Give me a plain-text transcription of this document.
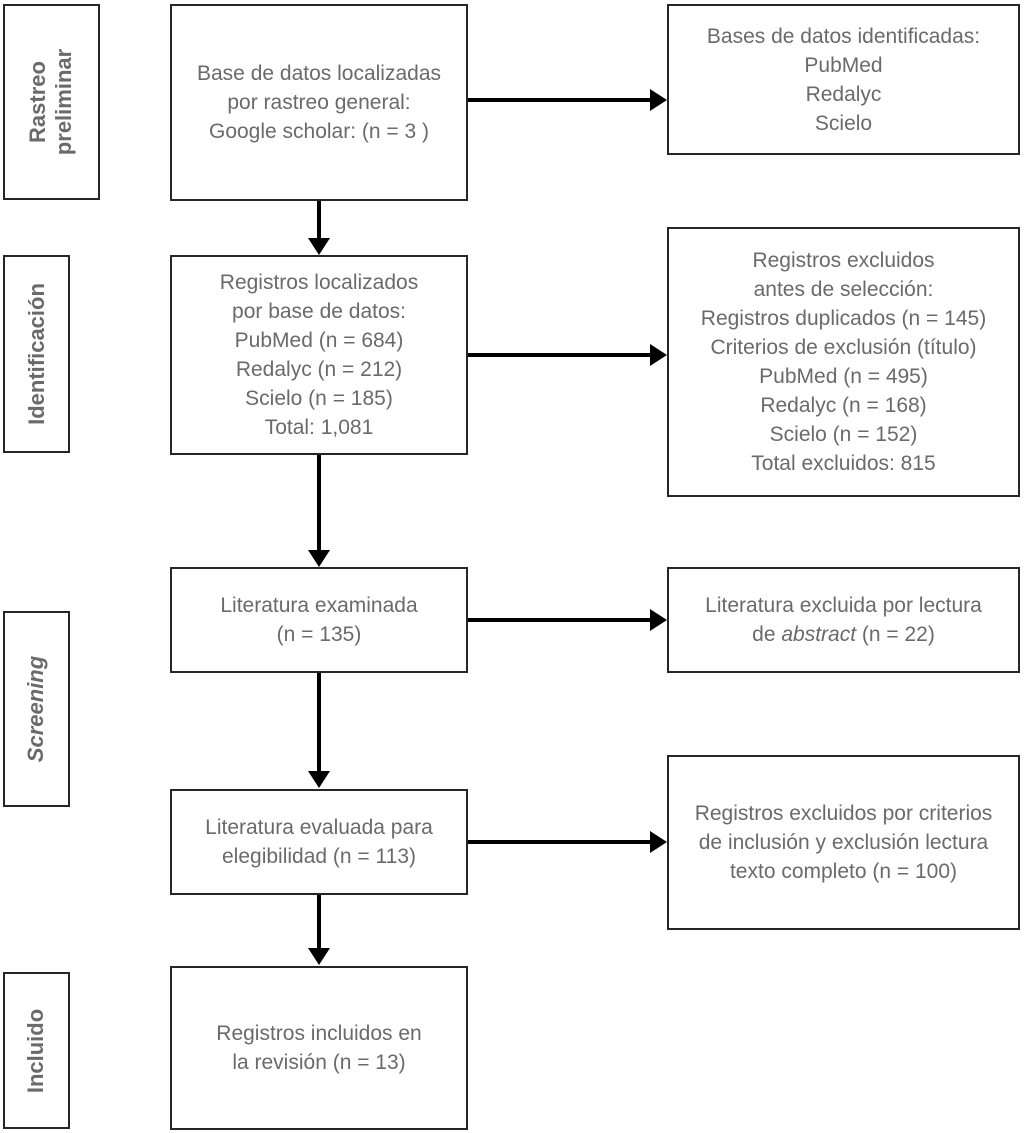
Rastreo preliminar
Identificación
Screening
Incluido
Base de datos localizadas
por rastreo general:
Google scholar: (n = 3 )
Registros localizados
por base de datos:
PubMed (n = 684)
Redalyc (n = 212)
Scielo (n = 185)
Total: 1,081
Literatura examinada
(n = 135)
Literatura evaluada para
elegibilidad (n = 113)
Registros incluidos en
la revisión (n = 13)
Bases de datos identificadas:
PubMed
Redalyc
Scielo
Registros excluidos
antes de selección:
Registros duplicados (n = 145)
Criterios de exclusión (título)
PubMed (n = 495)
Redalyc (n = 168)
Scielo (n = 152)
Total excluidos: 815
Literatura excluida por lectura
de abstract (n = 22)
Registros excluidos por criterios
de inclusión y exclusión lectura
texto completo (n = 100)
